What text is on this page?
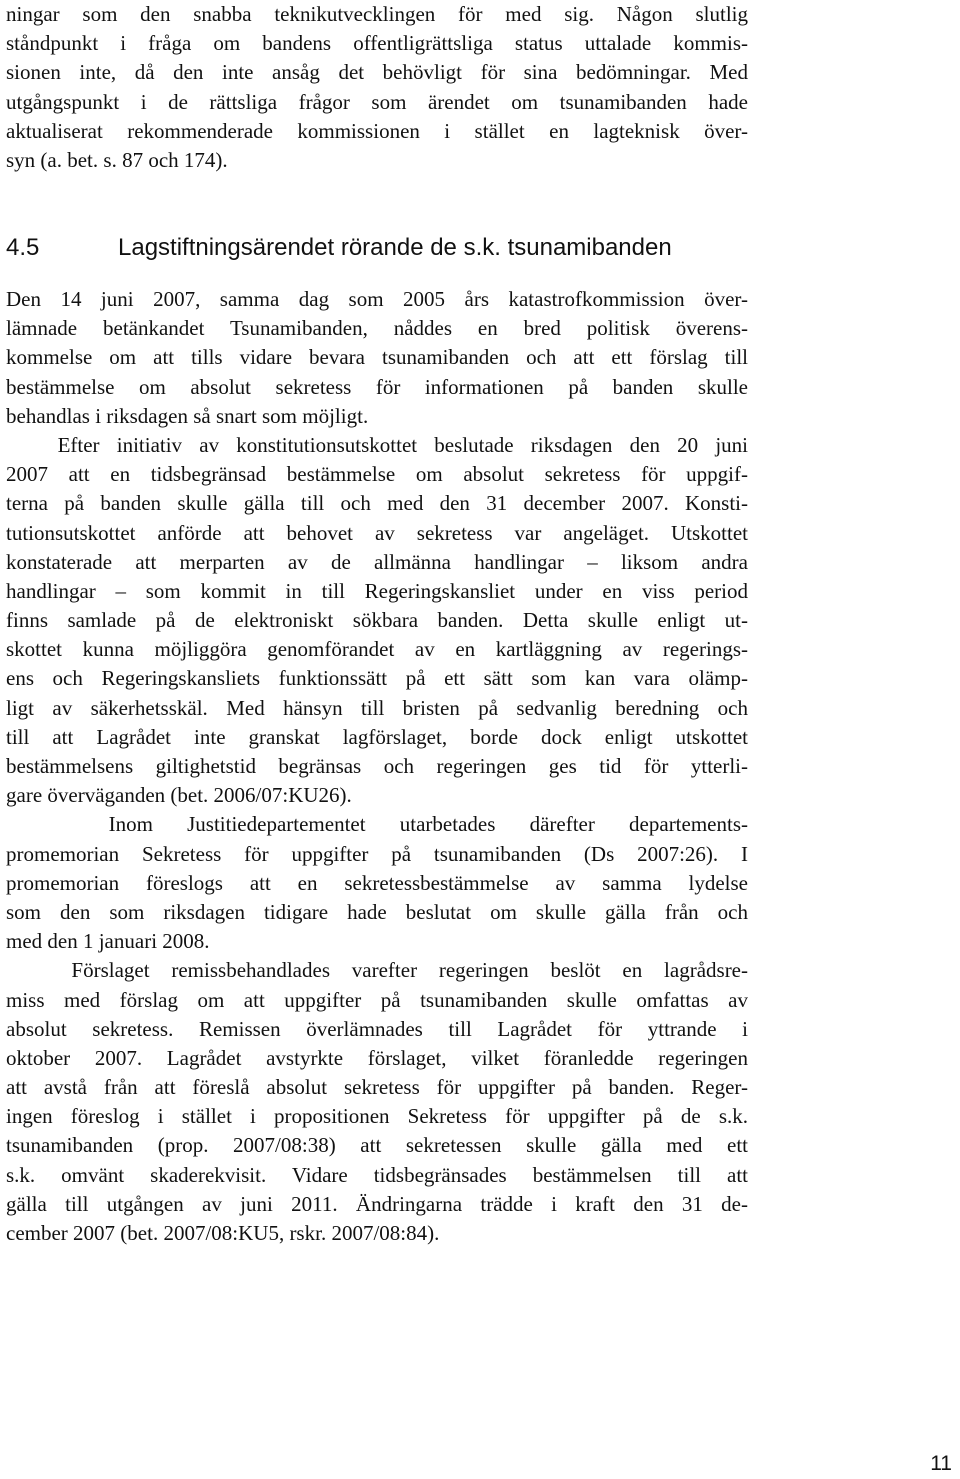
ningar som den snabba teknikutvecklingen för med sig. Någon slutlig
ståndpunkt i fråga om bandens offentligrättsliga status uttalade kommis-
sionen inte, då den inte ansåg det behövligt för sina bedömningar. Med
utgångspunkt i de rättsliga frågor som ärendet om tsunamibanden hade
aktualiserat rekommenderade kommissionen i stället en lagteknisk över-
syn (a. bet. s. 87 och 174).
4.5	Lagstiftningsärendet rörande de s.k. tsunamibanden
Den 14 juni 2007, samma dag som 2005 års katastrofkommission över-
lämnade betänkandet Tsunamibanden, nåddes en bred politisk överens-
kommelse om att tills vidare bevara tsunamibanden och att ett förslag till
bestämmelse om absolut sekretess för informationen på banden skulle
behandlas i riksdagen så snart som möjligt.
Efter initiativ av konstitutionsutskottet beslutade riksdagen den 20 juni
2007 att en tidsbegränsad bestämmelse om absolut sekretess för uppgif-
terna på banden skulle gälla till och med den 31 december 2007. Konsti-
tutionsutskottet anförde att behovet av sekretess var angeläget. Utskottet
konstaterade att merparten av de allmänna handlingar – liksom andra
handlingar – som kommit in till Regeringskansliet under en viss period
finns samlade på de elektroniskt sökbara banden. Detta skulle enligt ut-
skottet kunna möjliggöra genomförandet av en kartläggning av regerings-
ens och Regeringskansliets funktionssätt på ett sätt som kan vara olämp-
ligt av säkerhetsskäl. Med hänsyn till bristen på sedvanlig beredning och
till att Lagrådet inte granskat lagförslaget, borde dock enligt utskottet
bestämmelsens giltighetstid begränsas och regeringen ges tid för ytterli-
gare överväganden (bet. 2006/07:KU26).
Inom Justitiedepartementet utarbetades därefter departements-
promemorian Sekretess för uppgifter på tsunamibanden (Ds 2007:26). I
promemorian föreslogs att en sekretessbestämmelse av samma lydelse
som den som riksdagen tidigare hade beslutat om skulle gälla från och
med den 1 januari 2008.
Förslaget remissbehandlades varefter regeringen beslöt en lagrådsre-
miss med förslag om att uppgifter på tsunamibanden skulle omfattas av
absolut sekretess. Remissen överlämnades till Lagrådet för yttrande i
oktober 2007. Lagrådet avstyrkte förslaget, vilket föranledde regeringen
att avstå från att föreslå absolut sekretess för uppgifter på banden. Reger-
ingen föreslog i stället i propositionen Sekretess för uppgifter på de s.k.
tsunamibanden (prop. 2007/08:38) att sekretessen skulle gälla med ett
s.k. omvänt skaderekvisit. Vidare tidsbegränsades bestämmelsen till att
gälla till utgången av juni 2011. Ändringarna trädde i kraft den 31 de-
cember 2007 (bet. 2007/08:KU5, rskr. 2007/08:84).
11
